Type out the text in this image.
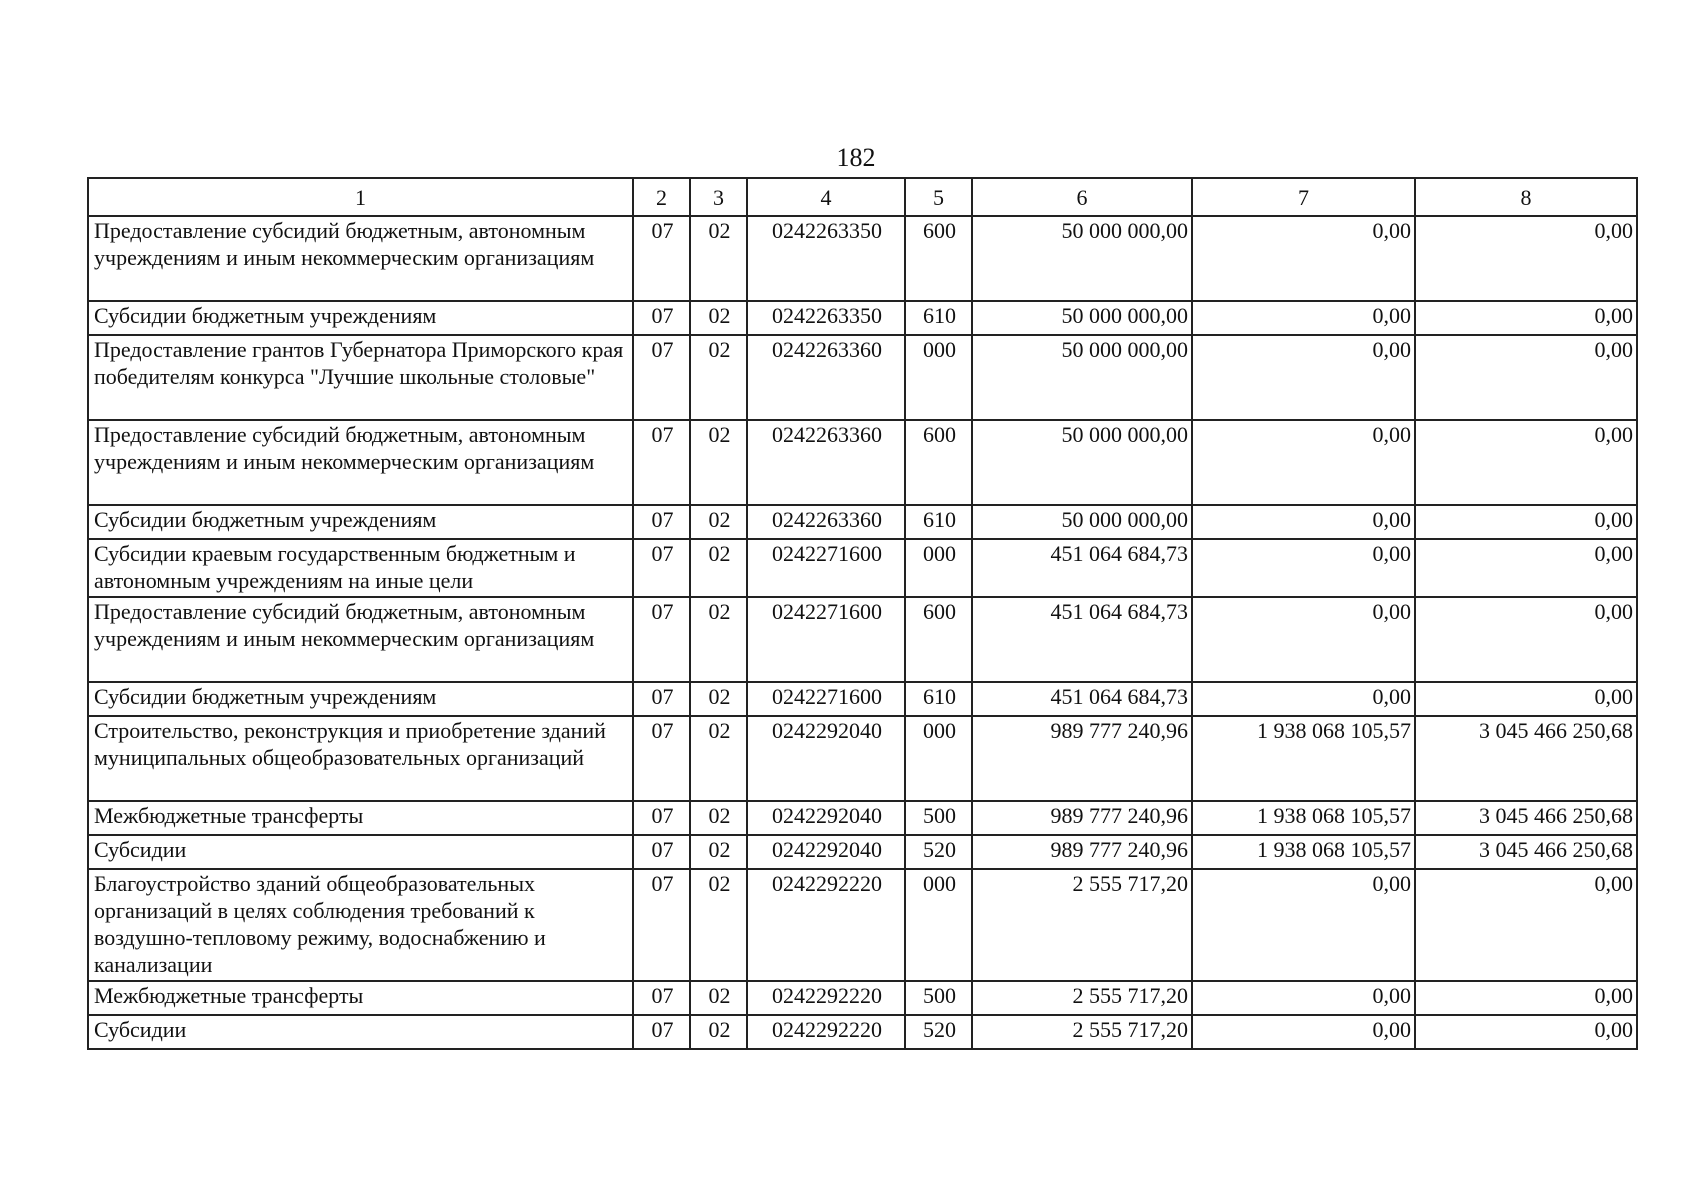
182
1	2	3	4	5	6	7	8
Предоставление субсидий бюджетным, автономным учреждениям и иным некоммерческим организациям	07	02	0242263350	600	50 000 000,00	0,00	0,00
Субсидии бюджетным учреждениям	07	02	0242263350	610	50 000 000,00	0,00	0,00
Предоставление грантов Губернатора Приморского края победителям конкурса "Лучшие школьные столовые"	07	02	0242263360	000	50 000 000,00	0,00	0,00
Предоставление субсидий бюджетным, автономным учреждениям и иным некоммерческим организациям	07	02	0242263360	600	50 000 000,00	0,00	0,00
Субсидии бюджетным учреждениям	07	02	0242263360	610	50 000 000,00	0,00	0,00
Субсидии краевым государственным бюджетным и автономным учреждениям на иные цели	07	02	0242271600	000	451 064 684,73	0,00	0,00
Предоставление субсидий бюджетным, автономным учреждениям и иным некоммерческим организациям	07	02	0242271600	600	451 064 684,73	0,00	0,00
Субсидии бюджетным учреждениям	07	02	0242271600	610	451 064 684,73	0,00	0,00
Строительство, реконструкция и приобретение зданий муниципальных общеобразовательных организаций	07	02	0242292040	000	989 777 240,96	1 938 068 105,57	3 045 466 250,68
Межбюджетные трансферты	07	02	0242292040	500	989 777 240,96	1 938 068 105,57	3 045 466 250,68
Субсидии	07	02	0242292040	520	989 777 240,96	1 938 068 105,57	3 045 466 250,68
Благоустройство зданий общеобразовательных организаций в целях соблюдения требований к воздушно-тепловому режиму, водоснабжению и канализации	07	02	0242292220	000	2 555 717,20	0,00	0,00
Межбюджетные трансферты	07	02	0242292220	500	2 555 717,20	0,00	0,00
Субсидии	07	02	0242292220	520	2 555 717,20	0,00	0,00
